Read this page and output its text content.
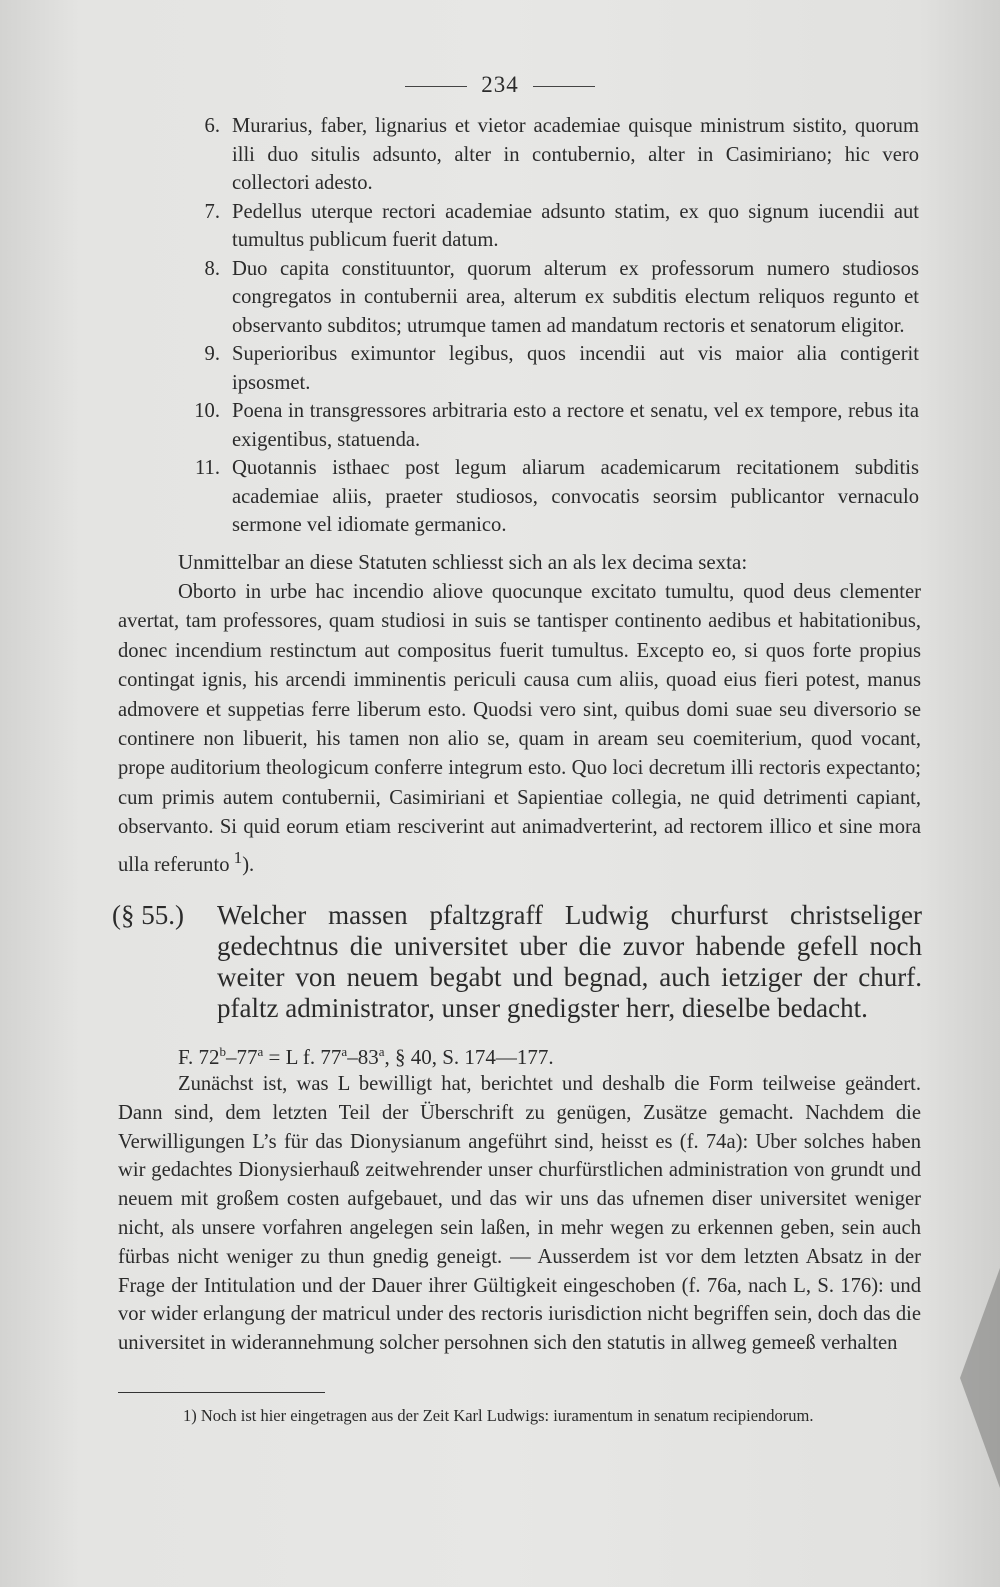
234
6. Murarius, faber, lignarius et vietor academiae quisque ministrum sistito, quorum illi duo situlis adsunto, alter in contubernio, alter in Casimiriano; hic vero collectori adesto.
7. Pedellus uterque rectori academiae adsunto statim, ex quo signum iucendii aut tumultus publicum fuerit datum.
8. Duo capita constituuntor, quorum alterum ex professorum numero studiosos congregatos in contubernii area, alterum ex subditis electum reliquos regunto et observanto subditos; utrumque tamen ad mandatum rectoris et senatorum eligitor.
9. Superioribus eximuntor legibus, quos incendii aut vis maior alia contigerit ipsosmet.
10. Poena in transgressores arbitraria esto a rectore et senatu, vel ex tempore, rebus ita exigentibus, statuenda.
11. Quotannis isthaec post legum aliarum academicarum recitationem subditis academiae aliis, praeter studiosos, convocatis seorsim publicantor vernaculo sermone vel idiomate germanico.
Unmittelbar an diese Statuten schliesst sich an als lex decima sexta:
Oborto in urbe hac incendio aliove quocunque excitato tumultu, quod deus clementer avertat, tam professores, quam studiosi in suis se tantisper continento aedibus et habitationibus, donec incendium restinctum aut compositus fuerit tumultus. Excepto eo, si quos forte propius contingat ignis, his arcendi imminentis periculi causa cum aliis, quoad eius fieri potest, manus admovere et suppetias ferre liberum esto. Quodsi vero sint, quibus domi suae seu diversorio se continere non libuerit, his tamen non alio se, quam in aream seu coemiterium, quod vocant, prope auditorium theologicum conferre integrum esto. Quo loci decretum illi rectoris expectanto; cum primis autem contubernii, Casimiriani et Sapientiae collegia, ne quid detrimenti capiant, observanto. Si quid eorum etiam resciverint aut animadverterint, ad rectorem illico et sine mora ulla referunto  $^1$).
(§ 55.) Welcher massen pfaltzgraff Ludwig churfurst christseliger gedechtnus die universitet uber die zuvor habende gefell noch weiter von neuem begabt und begnad, auch ietziger der churf. pfaltz administrator, unser gnedigster herr, dieselbe bedacht.
F. $72^b-77^a = L$ f. 77$^a$–83$^a$, § 40, S. 174—177.
Zunächst ist, was L bewilligt hat, berichtet und deshalb die Form teilweise geändert. Dann sind, dem letzten Teil der Überschrift zu genügen, Zusätze gemacht. Nachdem die Verwilligungen L’s für das Dionysianum angeführt sind, heisst es (f. 74a): Uber solches haben wir gedachtes Dionysierhauß zeitwehrender unser churfürstlichen administration von grundt und neuem mit großem costen aufgebauet, und das wir uns das ufnemen diser universitet weniger nicht, als unsere vorfahren angelegen sein laßen, in mehr wegen zu erkennen geben, sein auch fürbas nicht weniger zu thun gnedig geneigt. — Ausserdem ist vor dem letzten Absatz in der Frage der Intitulation und der Dauer ihrer Gültigkeit eingeschoben (f. 76a, nach L, S. 176): und vor wider erlangung der matricul under des rectoris iurisdiction nicht begriffen sein, doch das die universitet in widerannehmung solcher persohnen sich den statutis in allweg gemeeß verhalten
1) Noch ist hier eingetragen aus der Zeit Karl Ludwigs: iuramentum in senatum recipiendorum.
